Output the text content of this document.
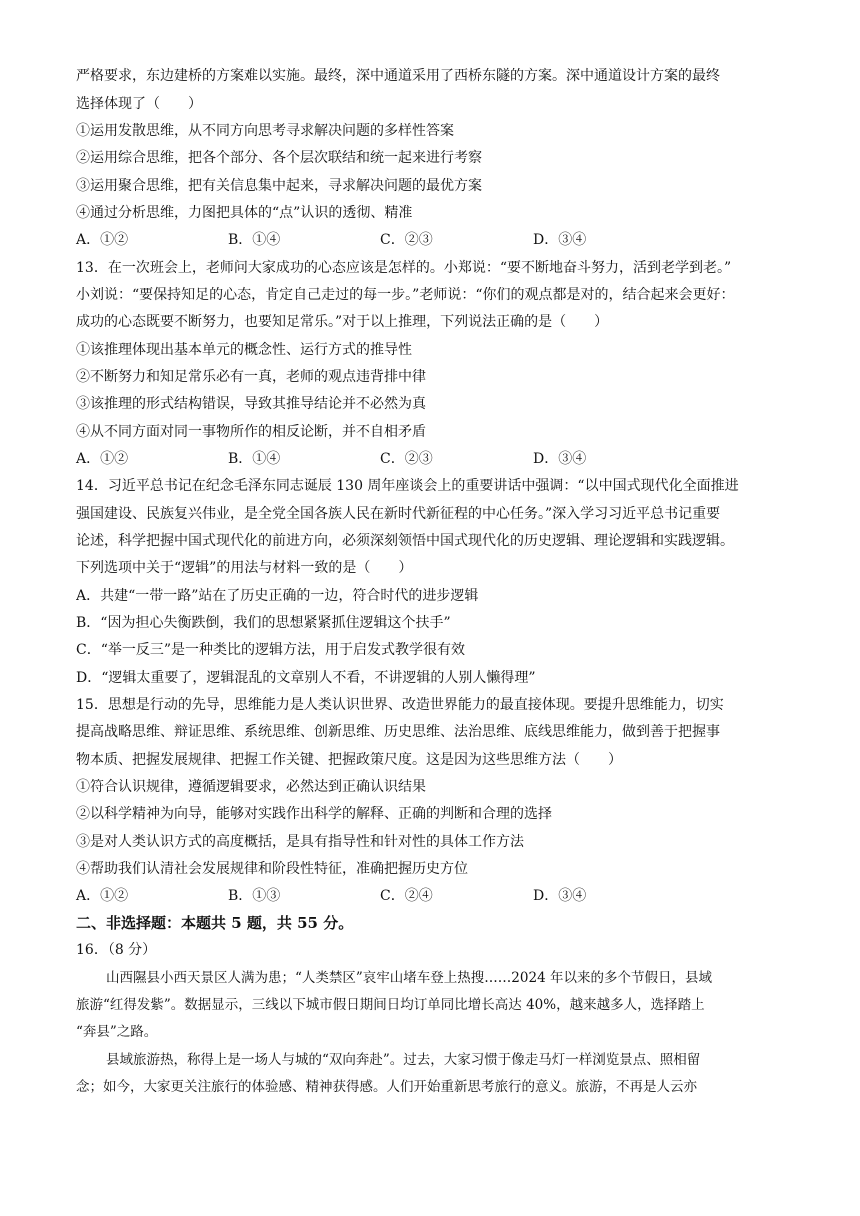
严格要求，东边建桥的方案难以实施。最终，深中通道采用了西桥东隧的方案。深中通道设计方案的最终
选择体现了（　　）
①运用发散思维，从不同方向思考寻求解决问题的多样性答案
②运用综合思维，把各个部分、各个层次联结和统一起来进行考察
③运用聚合思维，把有关信息集中起来，寻求解决问题的最优方案
④通过分析思维，力图把具体的“点”认识的透彻、精准
A．①②	B．①④	C．②③	D．③④
13．在一次班会上，老师问大家成功的心态应该是怎样的。小郑说：“要不断地奋斗努力，活到老学到老。”
小刘说：“要保持知足的心态，肯定自己走过的每一步。”老师说：“你们的观点都是对的，结合起来会更好：
成功的心态既要不断努力，也要知足常乐。”对于以上推理，下列说法正确的是（　　）
①该推理体现出基本单元的概念性、运行方式的推导性
②不断努力和知足常乐必有一真，老师的观点违背排中律
③该推理的形式结构错误，导致其推导结论并不必然为真
④从不同方面对同一事物所作的相反论断，并不自相矛盾
A．①②	B．①④	C．②③	D．③④
14．习近平总书记在纪念毛泽东同志诞辰 130 周年座谈会上的重要讲话中强调：“以中国式现代化全面推进
强国建设、民族复兴伟业，是全党全国各族人民在新时代新征程的中心任务。”深入学习习近平总书记重要
论述，科学把握中国式现代化的前进方向，必须深刻领悟中国式现代化的历史逻辑、理论逻辑和实践逻辑。
下列选项中关于“逻辑”的用法与材料一致的是（　　）
A．共建“一带一路”站在了历史正确的一边，符合时代的进步逻辑
B．“因为担心失衡跌倒，我们的思想紧紧抓住逻辑这个扶手”
C．“举一反三”是一种类比的逻辑方法，用于启发式教学很有效
D．“逻辑太重要了，逻辑混乱的文章别人不看，不讲逻辑的人别人懒得理”
15．思想是行动的先导，思维能力是人类认识世界、改造世界能力的最直接体现。要提升思维能力，切实
提高战略思维、辩证思维、系统思维、创新思维、历史思维、法治思维、底线思维能力，做到善于把握事
物本质、把握发展规律、把握工作关键、把握政策尺度。这是因为这些思维方法（　　）
①符合认识规律，遵循逻辑要求，必然达到正确认识结果
②以科学精神为向导，能够对实践作出科学的解释、正确的判断和合理的选择
③是对人类认识方式的高度概括，是具有指导性和针对性的具体工作方法
④帮助我们认清社会发展规律和阶段性特征，准确把握历史方位
A．①②	B．①③	C．②④	D．③④
二、非选择题：本题共 5 题，共 55 分。
16．（8 分）
山西隰县小西天景区人满为患；“人类禁区”哀牢山堵车登上热搜……2024 年以来的多个节假日，县域
旅游“红得发紫”。数据显示，三线以下城市假日期间日均订单同比增长高达 40%，越来越多人，选择踏上
“奔县”之路。
县域旅游热，称得上是一场人与城的“双向奔赴”。过去，大家习惯于像走马灯一样浏览景点、照相留
念；如今，大家更关注旅行的体验感、精神获得感。人们开始重新思考旅行的意义。旅游，不再是人云亦
